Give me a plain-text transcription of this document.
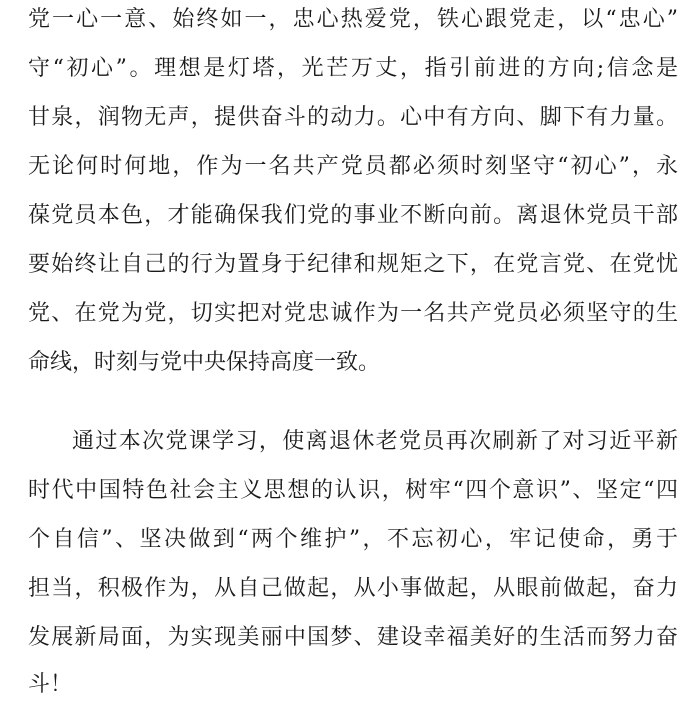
党一心一意、始终如一，忠心热爱党，铁心跟党走，以“忠心”
守“初心”。理想是灯塔，光芒万丈，指引前进的方向;信念是
甘泉，润物无声，提供奋斗的动力。心中有方向、脚下有力量。
无论何时何地，作为一名共产党员都必须时刻坚守“初心”，永
葆党员本色，才能确保我们党的事业不断向前。离退休党员干部
要始终让自己的行为置身于纪律和规矩之下，在党言党、在党忧
党、在党为党，切实把对党忠诚作为一名共产党员必须坚守的生
命线，时刻与党中央保持高度一致。
通过本次党课学习，使离退休老党员再次刷新了对习近平新
时代中国特色社会主义思想的认识，树牢“四个意识”、坚定“四
个自信”、坚决做到“两个维护”，不忘初心，牢记使命，勇于
担当，积极作为，从自己做起，从小事做起，从眼前做起，奋力
发展新局面，为实现美丽中国梦、建设幸福美好的生活而努力奋
斗！
